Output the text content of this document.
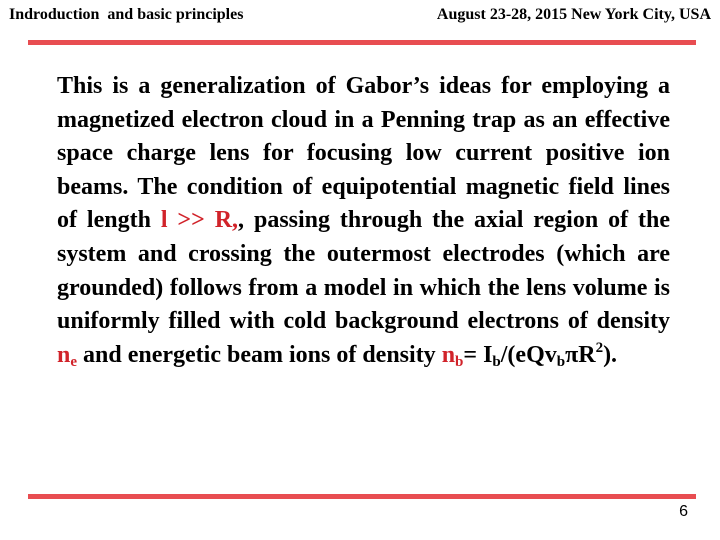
Indroduction  and basic principles	August 23-28, 2015 New York City, USA

This is a generalization of Gabor’s ideas for employing a magnetized electron cloud in a Penning trap as an effective space charge lens for focusing low current positive ion beams. The condition of equipotential magnetic field lines of length l >> R,, passing through the axial region of the system and crossing the outermost electrodes (which are grounded) follows from a model in which the lens volume is uniformly filled with cold background electrons of density $n_e$ and energetic beam ions of density $n_b= I_b/(eQv_b\pi R^2)$.

6
